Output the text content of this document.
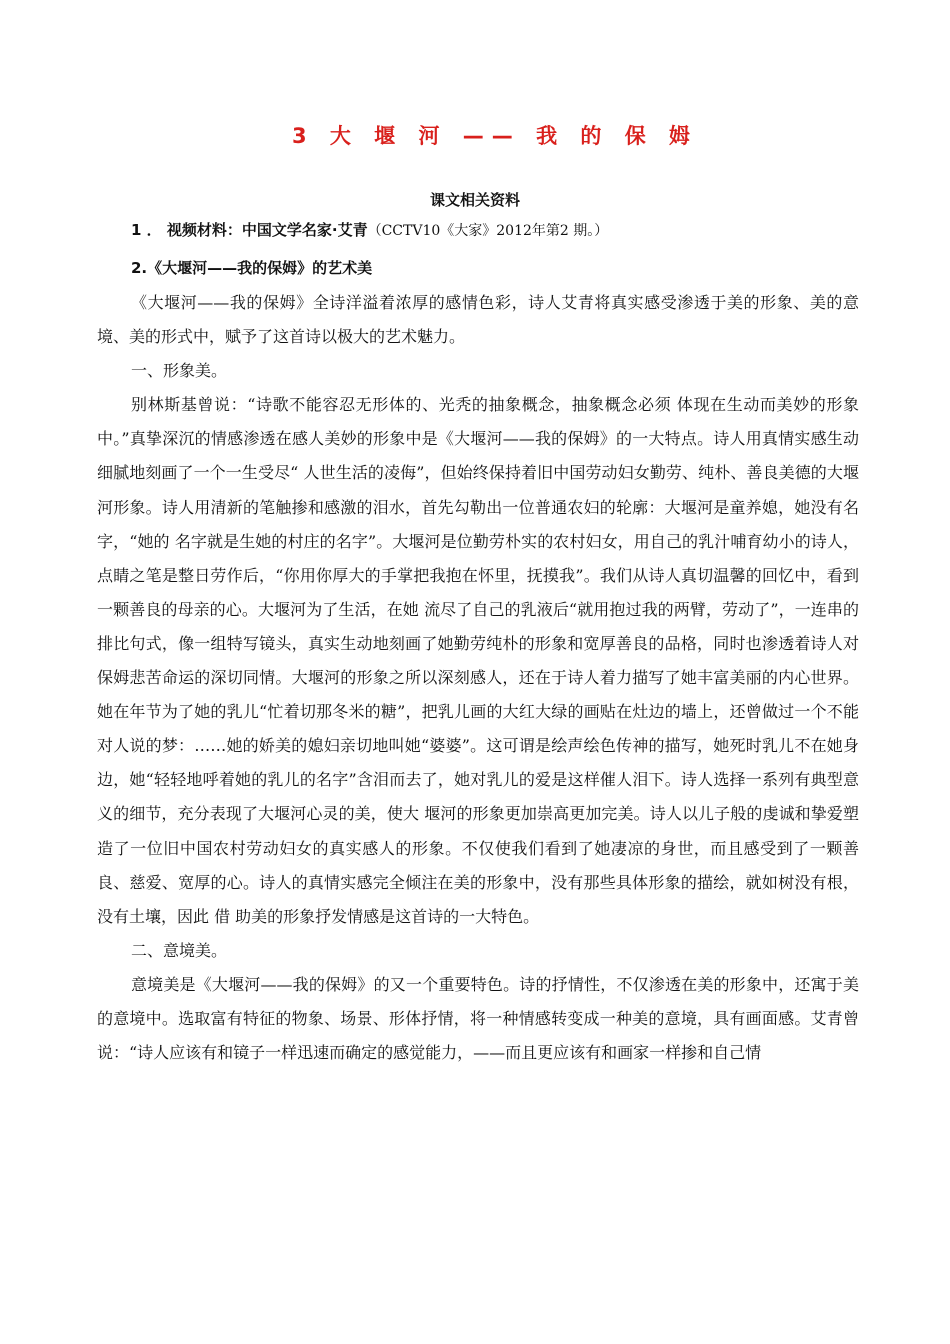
3 大 堰 河 —— 我 的 保 姆
课文相关资料
1 ． 视频材料：中国文学名家·艾青（CCTV10《大家》2012年第2 期。）
2.《大堰河——我的保姆》的艺术美

《大堰河——我的保姆》全诗洋溢着浓厚的感情色彩，诗人艾青将真实感受渗透于美的形象、美的意境、美的形式中，赋予了这首诗以极大的艺术魅力。

一、形象美。

别林斯基曾说：“诗歌不能容忍无形体的、光秃的抽象概念，抽象概念必须 体现在生动而美妙的形象中。”真挚深沉的情感渗透在感人美妙的形象中是《大堰河——我的保姆》的一大特点。诗人用真情实感生动细腻地刻画了一个一生受尽“ 人世生活的凌侮”，但始终保持着旧中国劳动妇女勤劳、纯朴、善良美德的大堰河形象。诗人用清新的笔触掺和感激的泪水，首先勾勒出一位普通农妇的轮廓：大堰河是童养媳，她没有名字，“她的 名字就是生她的村庄的名字”。大堰河是位勤劳朴实的农村妇女，用自己的乳汁哺育幼小的诗人，点睛之笔是整日劳作后，“你用你厚大的手掌把我抱在怀里，抚摸我”。我们从诗人真切温馨的回忆中，看到一颗善良的母亲的心。大堰河为了生活，在她 流尽了自己的乳液后“就用抱过我的两臂，劳动了”，一连串的排比句式，像一组特写镜头，真实生动地刻画了她勤劳纯朴的形象和宽厚善良的品格，同时也渗透着诗人对保姆悲苦命运的深切同情。大堰河的形象之所以深刻感人，还在于诗人着力描写了她丰富美丽的内心世界。她在年节为了她的乳儿“忙着切那冬米的糖”，把乳儿画的大红大绿的画贴在灶边的墙上，还曾做过一个不能对人说的梦：……她的娇美的媳妇亲切地叫她“婆婆”。这可谓是绘声绘色传神的描写，她死时乳儿不在她身边，她“轻轻地呼着她的乳儿的名字”含泪而去了，她对乳儿的爱是这样催人泪下。诗人选择一系列有典型意义的细节，充分表现了大堰河心灵的美，使大 堰河的形象更加崇高更加完美。诗人以儿子般的虔诚和挚爱塑造了一位旧中国农村劳动妇女的真实感人的形象。不仅使我们看到了她凄凉的身世，而且感受到了一颗善良、慈爱、宽厚的心。诗人的真情实感完全倾注在美的形象中，没有那些具体形象的描绘，就如树没有根，没有土壤，因此 借 助美的形象抒发情感是这首诗的一大特色。

二、意境美。

意境美是《大堰河——我的保姆》的又一个重要特色。诗的抒情性，不仅渗透在美的形象中，还寓于美的意境中。选取富有特征的物象、场景、形体抒情，将一种情感转变成一种美的意境，具有画面感。艾青曾说：“诗人应该有和镜子一样迅速而确定的感觉能力，——而且更应该有和画家一样掺和自己情
